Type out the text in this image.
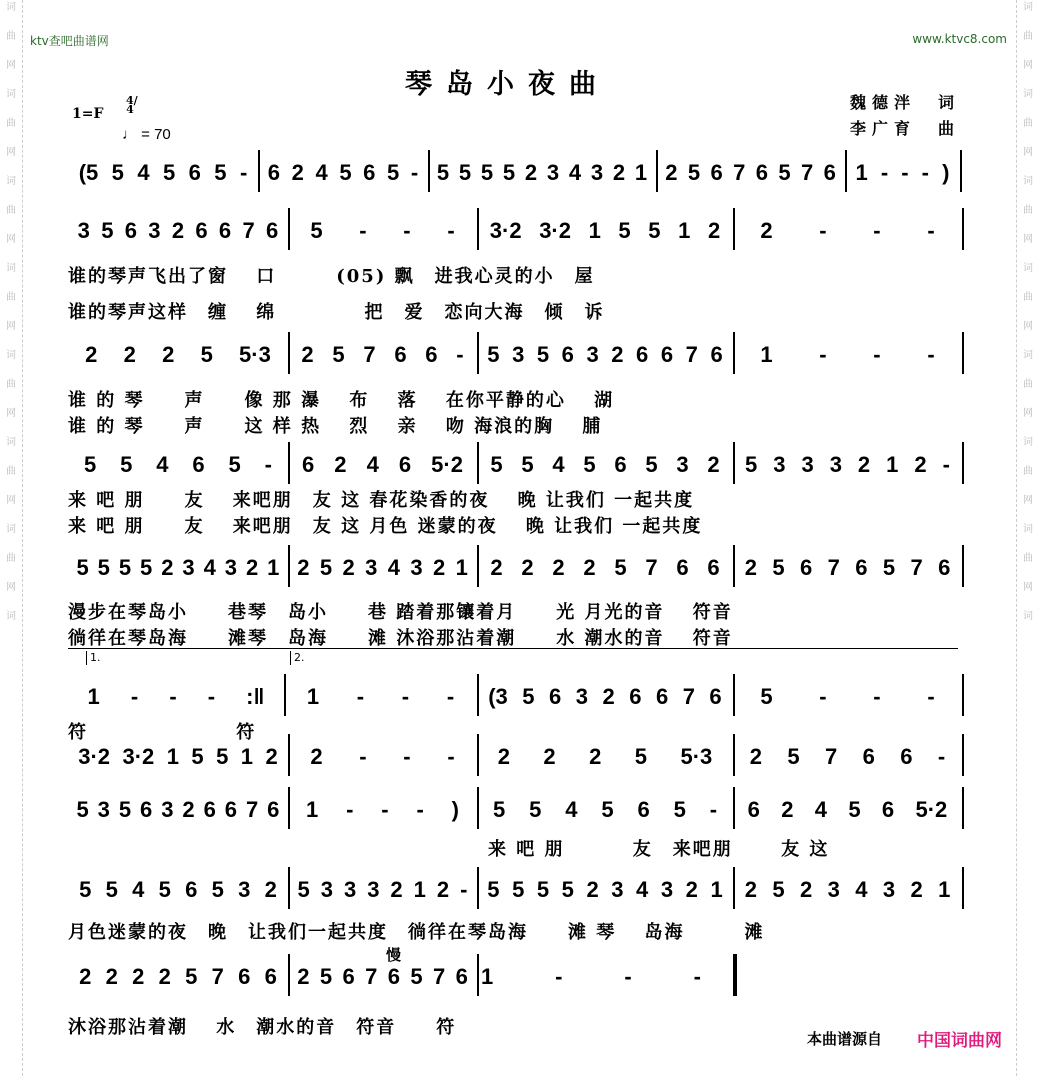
词
曲
网
词
曲
网
词
曲
网
词
曲
网
词
曲
网
词
曲
网
词
曲
网
词
词
曲
网
词
曲
网
词
曲
网
词
曲
网
词
曲
网
词
曲
网
词
曲
网
词
ktv查吧曲谱网	www.ktvc8.com
琴岛小夜曲
魏德泮　词
李广育　曲
1=F
4/4
♩ = 70
(5 5 4 5 6 5 - 6 2 4 5 6 5 - 5 5 5 5 2 3 4 3 2 1 2 5 6 7 6 5 7 6 1 - - - )
3 5 6 3 2 6 6 7 6 5 - - - 3·2 3·2 1 5 5 1 2 2 - - -
谁的琴声飞出了窗　 口　　　(05) 飘　进我心灵的小　屋
谁的琴声这样　缠　 绵　　　　 把　爱　恋向大海　倾　诉
2 2 2 5 5·3 2 5 7 6 6 - 5 3 5 6 3 2 6 6 7 6 1 - - -
谁 的 琴　　声　　像 那 瀑　 布　 落　 在你平静的心　 湖
谁 的 琴　　声　　这 样 热　 烈　 亲　 吻 海浪的胸　 脯
5 5 4 6 5 - 6 2 4 6 5·2 5 5 4 5 6 5 3 2 5 3 3 3 2 1 2 -
来 吧 朋　　友　 来吧朋　友 这 春花染香的夜　 晚 让我们 一起共度
来 吧 朋　　友　 来吧朋　友 这 月色 迷蒙的夜　 晚 让我们 一起共度
5 5 5 5 2 3 4 3 2 1 2 5 2 3 4 3 2 1 2 2 2 2 5 7 6 6 2 5 6 7 6 5 7 6
漫步在琴岛小　　巷琴　岛小　　巷 踏着那镶着月　　光 月光的音　 符音
徜徉在琴岛海　　滩琴　岛海　　滩 沐浴那沾着潮　　水 潮水的音　 符音
1 - - - :‖ 1 - - - (3 5 6 3 2 6 6 7 6 5 - - -
符　　　　　　　 符
3·2 3·2 1 5 5 1 2 2 - - - 2 2 2 5 5·3 2 5 7 6 6 -
5 3 5 6 3 2 6 6 7 6 1 - - - ) 5 5 4 5 6 5 - 6 2 4 5 6 5·2
来 吧 朋　　　 友　来吧朋　　 友 这
5 5 4 5 6 5 3 2 5 3 3 3 2 1 2 - 5 5 5 5 2 3 4 3 2 1 2 5 2 3 4 3 2 1
月色迷蒙的夜　晚　让我们一起共度　徜徉在琴岛海　　滩 琴　 岛海　　　滩
2 2 2 2 5 7 6 6 2 5 6 7 6 5 7 6 1	-	-	-
沐浴那沾着潮　 水　潮水的音　符音　　符
1.	2.
慢
本曲谱源自 中国词曲网
